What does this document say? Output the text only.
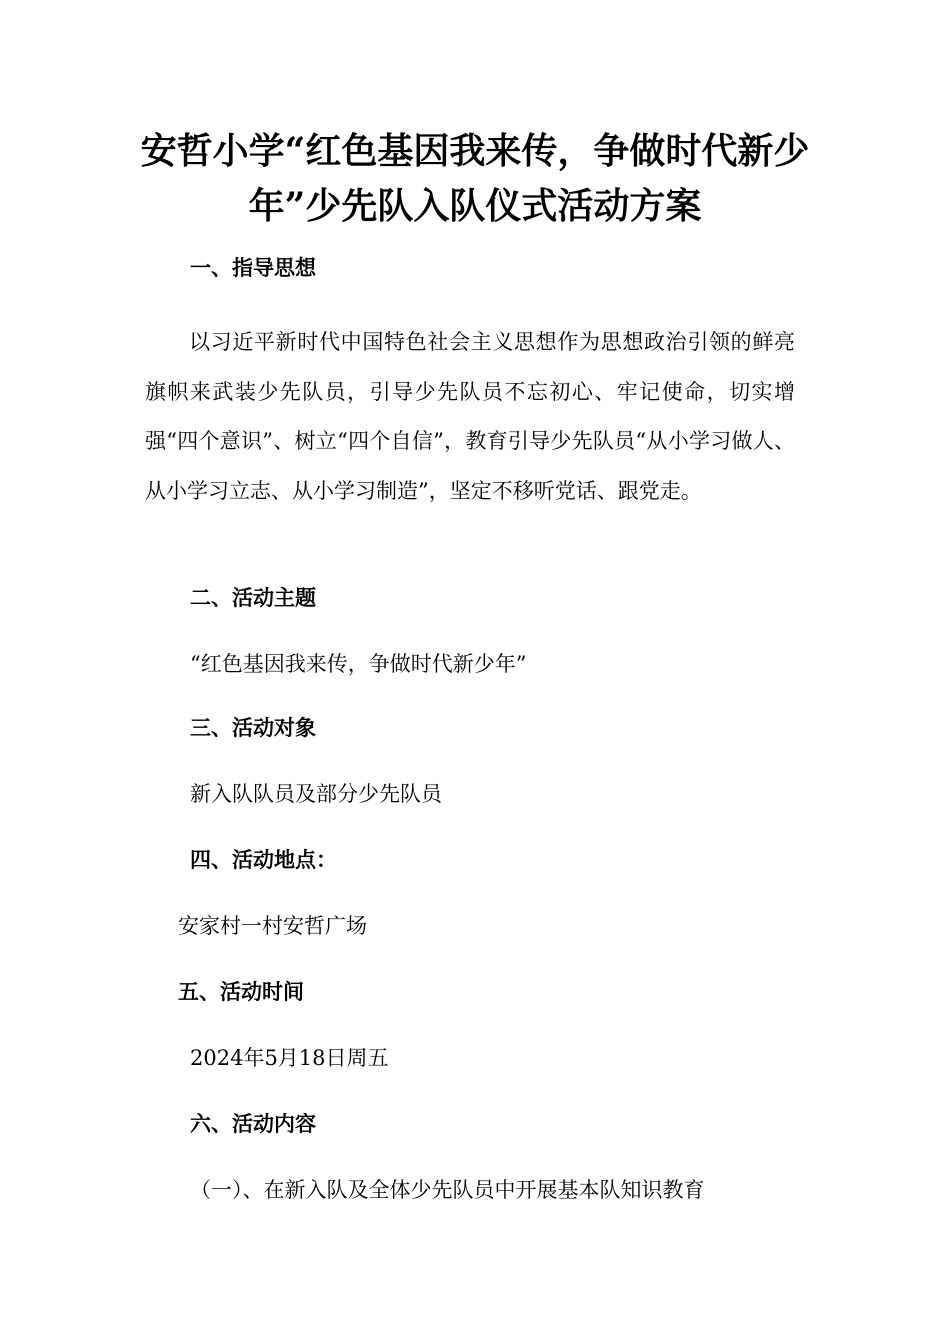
安哲小学“红色基因我来传，争做时代新少年”少先队入队仪式活动方案
一、指导思想

以习近平新时代中国特色社会主义思想作为思想政治引领的鲜亮旗帜来武装少先队员，引导少先队员不忘初心、牢记使命，切实增强“四个意识”、树立“四个自信”，教育引导少先队员“从小学习做人、从小学习立志、从小学习制造”，坚定不移听党话、跟党走。

二、活动主题
“红色基因我来传，争做时代新少年”
三、活动对象
新入队队员及部分少先队员
四、活动地点：
安家村一村安哲广场
五、活动时间
2024年5月18日周五
六、活动内容
（一）、在新入队及全体少先队员中开展基本队知识教育
